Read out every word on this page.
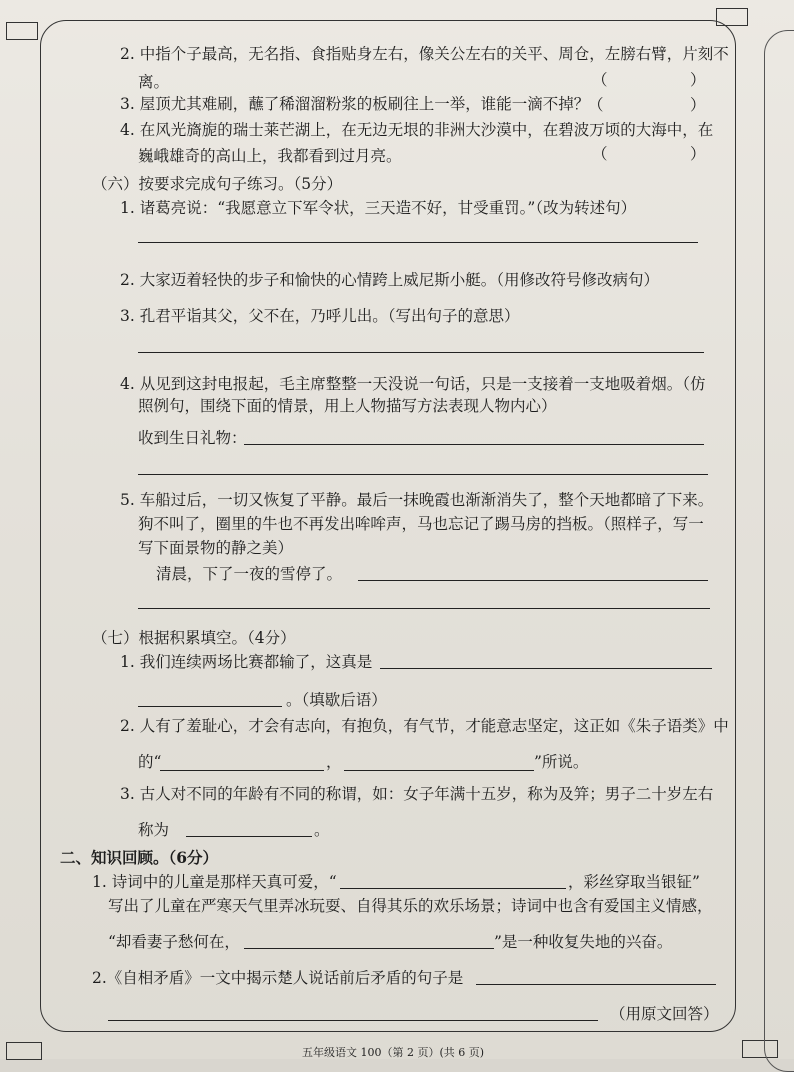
2. 中指个子最高，无名指、食指贴身左右，像关公左右的关平、周仓，左膀右臂，片刻不
离。	（	）
3. 屋顶尤其难刷，蘸了稀溜溜粉浆的板刷往上一举，谁能一滴不掉？
（	）
4. 在风光旖旎的瑞士莱芒湖上，在无边无垠的非洲大沙漠中，在碧波万顷的大海中，在
巍峨雄奇的高山上，我都看到过月亮。	（	）
（六）按要求完成句子练习。（5分）
1. 诸葛亮说：“我愿意立下军令状，三天造不好，甘受重罚。”（改为转述句）
2. 大家迈着轻快的步子和愉快的心情跨上威尼斯小艇。（用修改符号修改病句）
3. 孔君平诣其父，父不在，乃呼儿出。（写出句子的意思）
4. 从见到这封电报起，毛主席整整一天没说一句话，只是一支接着一支地吸着烟。（仿
照例句，围绕下面的情景，用上人物描写方法表现人物内心）
收到生日礼物：
5. 车船过后，一切又恢复了平静。最后一抹晚霞也渐渐消失了，整个天地都暗了下来。
狗不叫了，圈里的牛也不再发出哞哞声，马也忘记了踢马房的挡板。（照样子，写一
写下面景物的静之美）
清晨，下了一夜的雪停了。
（七）根据积累填空。（4分）
1. 我们连续两场比赛都输了，这真是
。（填歇后语）
2. 人有了羞耻心，才会有志向，有抱负，有气节，才能意志坚定，这正如《朱子语类》中
的“	，	”所说。
3. 古人对不同的年龄有不同的称谓，如：女子年满十五岁，称为及笄；男子二十岁左右
称为	。
二、知识回顾。（6分）
1. 诗词中的儿童是那样天真可爱，“	，彩丝穿取当银钲”
写出了儿童在严寒天气里弄冰玩耍、自得其乐的欢乐场景；诗词中也含有爱国主义情感，
“却看妻子愁何在，	”是一种收复失地的兴奋。
2.《自相矛盾》一文中揭示楚人说话前后矛盾的句子是
（用原文回答）
五年级语文 100（第 2 页）(共 6 页)
